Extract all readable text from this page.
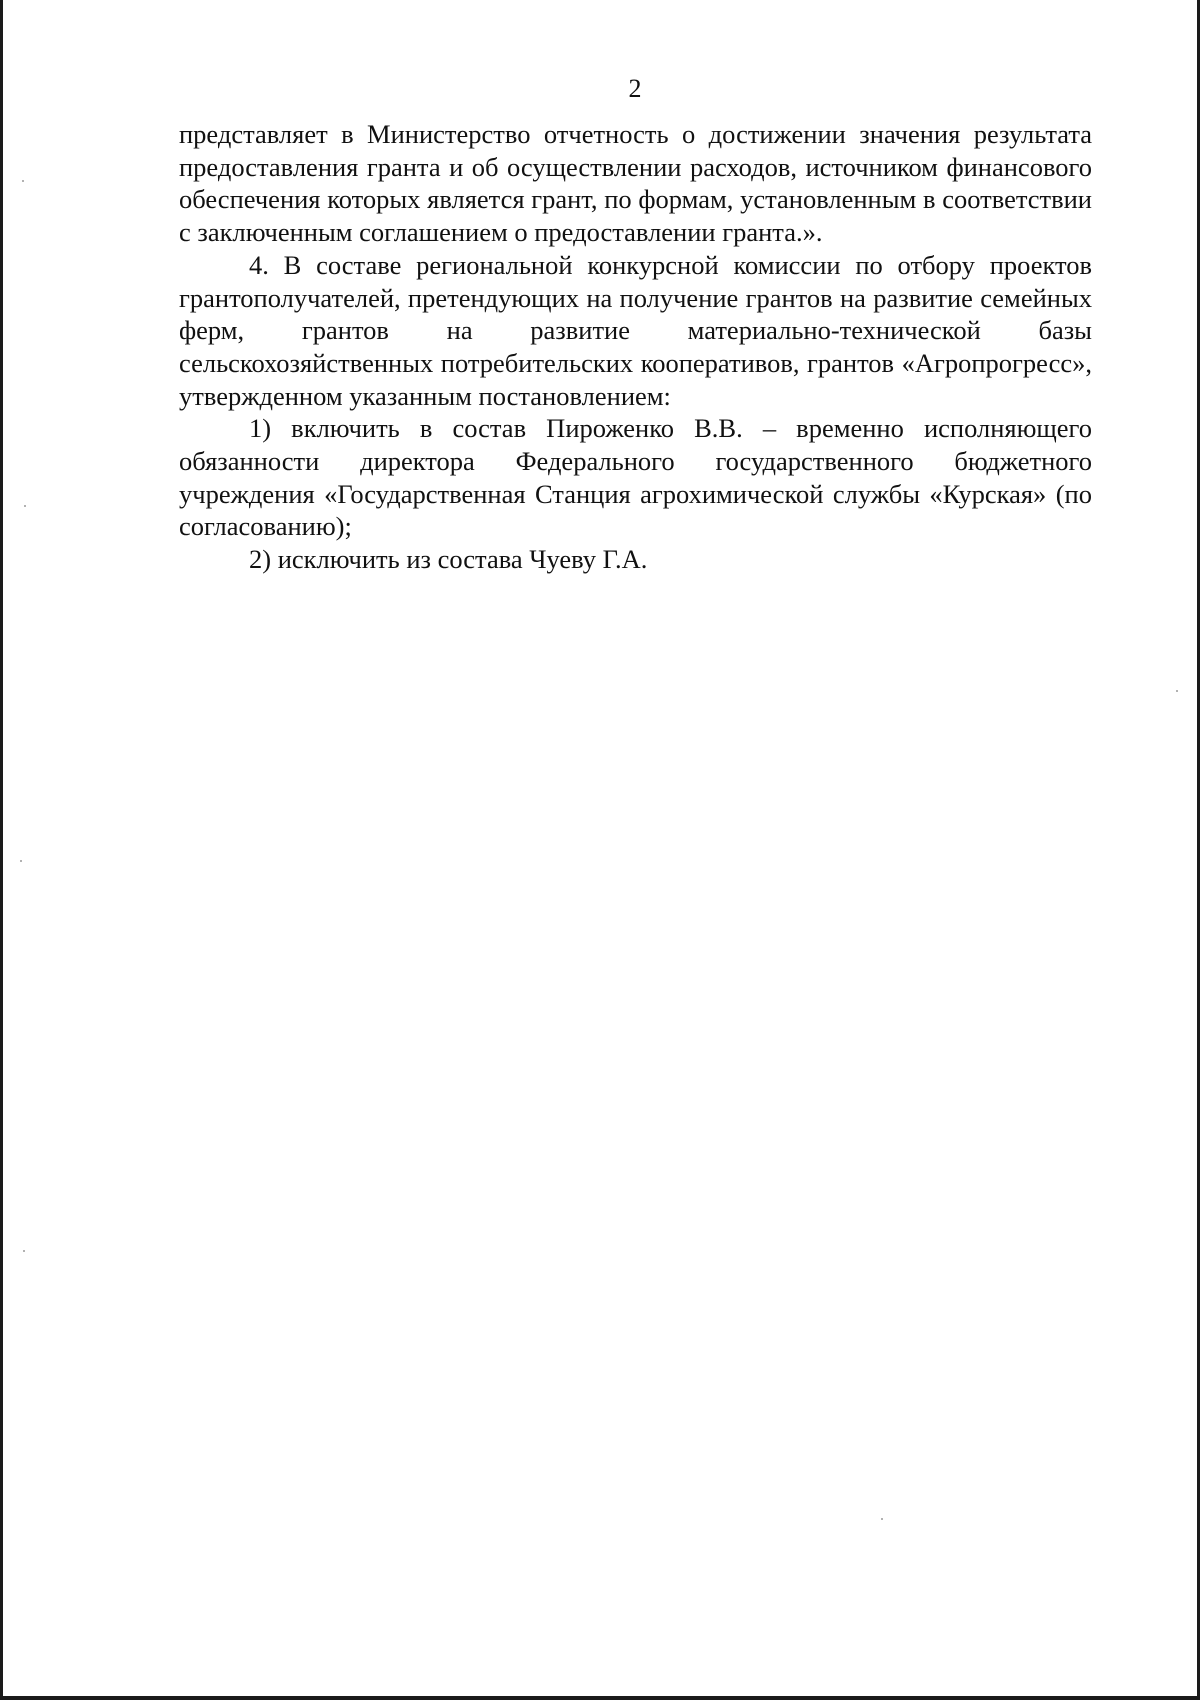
2

представляет в Министерство отчетность о достижении значения результата предоставления гранта и об осуществлении расходов, источником финансового обеспечения которых является грант, по формам, установленным в соответствии с заключенным соглашением о предоставлении гранта.».

4. В составе региональной конкурсной комиссии по отбору проектов грантополучателей, претендующих на получение грантов на развитие семейных ферм, грантов на развитие материально-технической базы сельскохозяйственных потребительских кооперативов, грантов «Агропрогресс», утвержденном указанным постановлением:

1) включить в состав Пироженко В.В. – временно исполняющего обязанности директора Федерального государственного бюджетного учреждения «Государственная Станция агрохимической службы «Курская» (по согласованию);

2) исключить из состава Чуеву Г.А.
